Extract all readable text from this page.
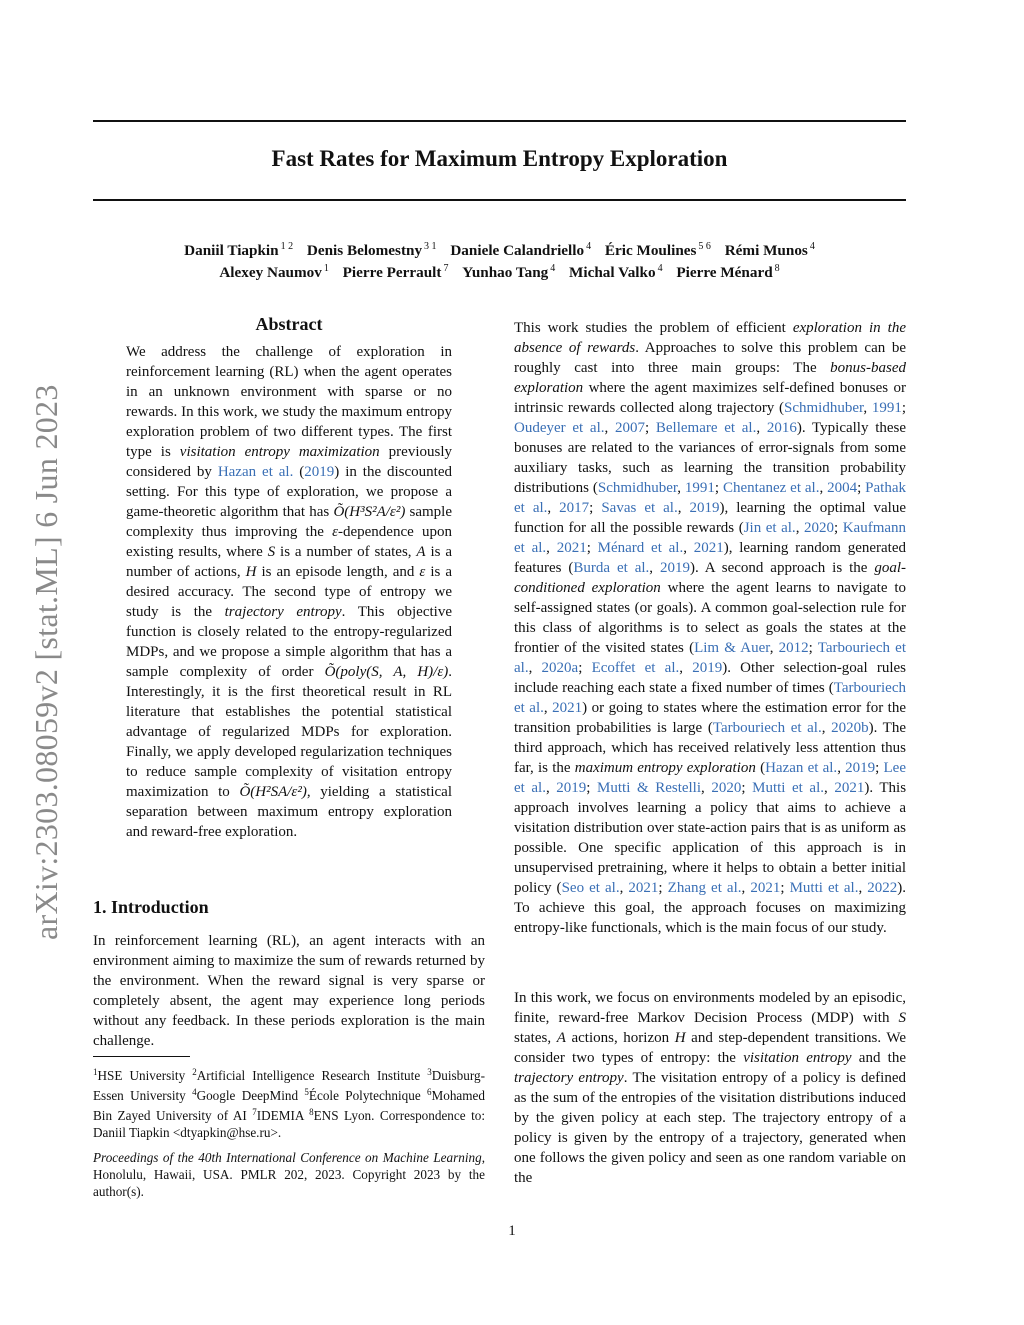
arXiv:2303.08059v2 [stat.ML] 6 Jun 2023
Fast Rates for Maximum Entropy Exploration
Daniil Tiapkin $^{1 2}$ Denis Belomestny $^{3 1}$ Daniele Calandriello $^4$ Éric Moulines $^{5 6}$ Rémi Munos $^4$
Alexey Naumov $^1$ Pierre Perrault $^7$ Yunhao Tang $^4$ Michal Valko $^4$ Pierre Ménard $^8$
Abstract
We address the challenge of exploration in reinforcement learning (RL) when the agent operates in an unknown environment with sparse or no rewards. In this work, we study the maximum entropy exploration problem of two different types. The first type is visitation entropy maximization previously considered by Hazan et al. (2019) in the discounted setting. For this type of exploration, we propose a game-theoretic algorithm that has Õ(H³S²A/ε²) sample complexity thus improving the ε-dependence upon existing results, where S is a number of states, A is a number of actions, H is an episode length, and ε is a desired accuracy. The second type of entropy we study is the trajectory entropy. This objective function is closely related to the entropy-regularized MDPs, and we propose a simple algorithm that has a sample complexity of order Õ(poly(S, A, H)/ε). Interestingly, it is the first theoretical result in RL literature that establishes the potential statistical advantage of regularized MDPs for exploration. Finally, we apply developed regularization techniques to reduce sample complexity of visitation entropy maximization to Õ(H²SA/ε²), yielding a statistical separation between maximum entropy exploration and reward-free exploration.
1. Introduction
In reinforcement learning (RL), an agent interacts with an environment aiming to maximize the sum of rewards returned by the environment. When the reward signal is very sparse or completely absent, the agent may experience long periods without any feedback. In these periods exploration is the main challenge.
$^1$HSE University $^2$Artificial Intelligence Research Institute $^3$Duisburg-Essen University $^4$Google DeepMind $^5$École Polytechnique $^6$Mohamed Bin Zayed University of AI $^7$IDEMIA $^8$ENS Lyon. Correspondence to: Daniil Tiapkin <dtyapkin@hse.ru>.
Proceedings of the 40th International Conference on Machine Learning, Honolulu, Hawaii, USA. PMLR 202, 2023. Copyright 2023 by the author(s).

This work studies the problem of efficient exploration in the absence of rewards. Approaches to solve this problem can be roughly cast into three main groups: The bonus-based exploration where the agent maximizes self-defined bonuses or intrinsic rewards collected along trajectory (Schmidhuber, 1991; Oudeyer et al., 2007; Bellemare et al., 2016). Typically these bonuses are related to the variances of error-signals from some auxiliary tasks, such as learning the transition probability distributions (Schmidhuber, 1991; Chentanez et al., 2004; Pathak et al., 2017; Savas et al., 2019), learning the optimal value function for all the possible rewards (Jin et al., 2020; Kaufmann et al., 2021; Ménard et al., 2021), learning random generated features (Burda et al., 2019). A second approach is the goal-conditioned exploration where the agent learns to navigate to self-assigned states (or goals). A common goal-selection rule for this class of algorithms is to select as goals the states at the frontier of the visited states (Lim & Auer, 2012; Tarbouriech et al., 2020a; Ecoffet et al., 2019). Other selection-goal rules include reaching each state a fixed number of times (Tarbouriech et al., 2021) or going to states where the estimation error for the transition probabilities is large (Tarbouriech et al., 2020b). The third approach, which has received relatively less attention thus far, is the maximum entropy exploration (Hazan et al., 2019; Lee et al., 2019; Mutti & Restelli, 2020; Mutti et al., 2021). This approach involves learning a policy that aims to achieve a visitation distribution over state-action pairs that is as uniform as possible. One specific application of this approach is in unsupervised pretraining, where it helps to obtain a better initial policy (Seo et al., 2021; Zhang et al., 2021; Mutti et al., 2022). To achieve this goal, the approach focuses on maximizing entropy-like functionals, which is the main focus of our study.

In this work, we focus on environments modeled by an episodic, finite, reward-free Markov Decision Process (MDP) with S states, A actions, horizon H and step-dependent transitions. We consider two types of entropy: the visitation entropy and the trajectory entropy. The visitation entropy of a policy is defined as the sum of the entropies of the visitation distributions induced by the given policy at each step. The trajectory entropy of a policy is given by the entropy of a trajectory, generated when one follows the given policy and seen as one random variable on the

1
